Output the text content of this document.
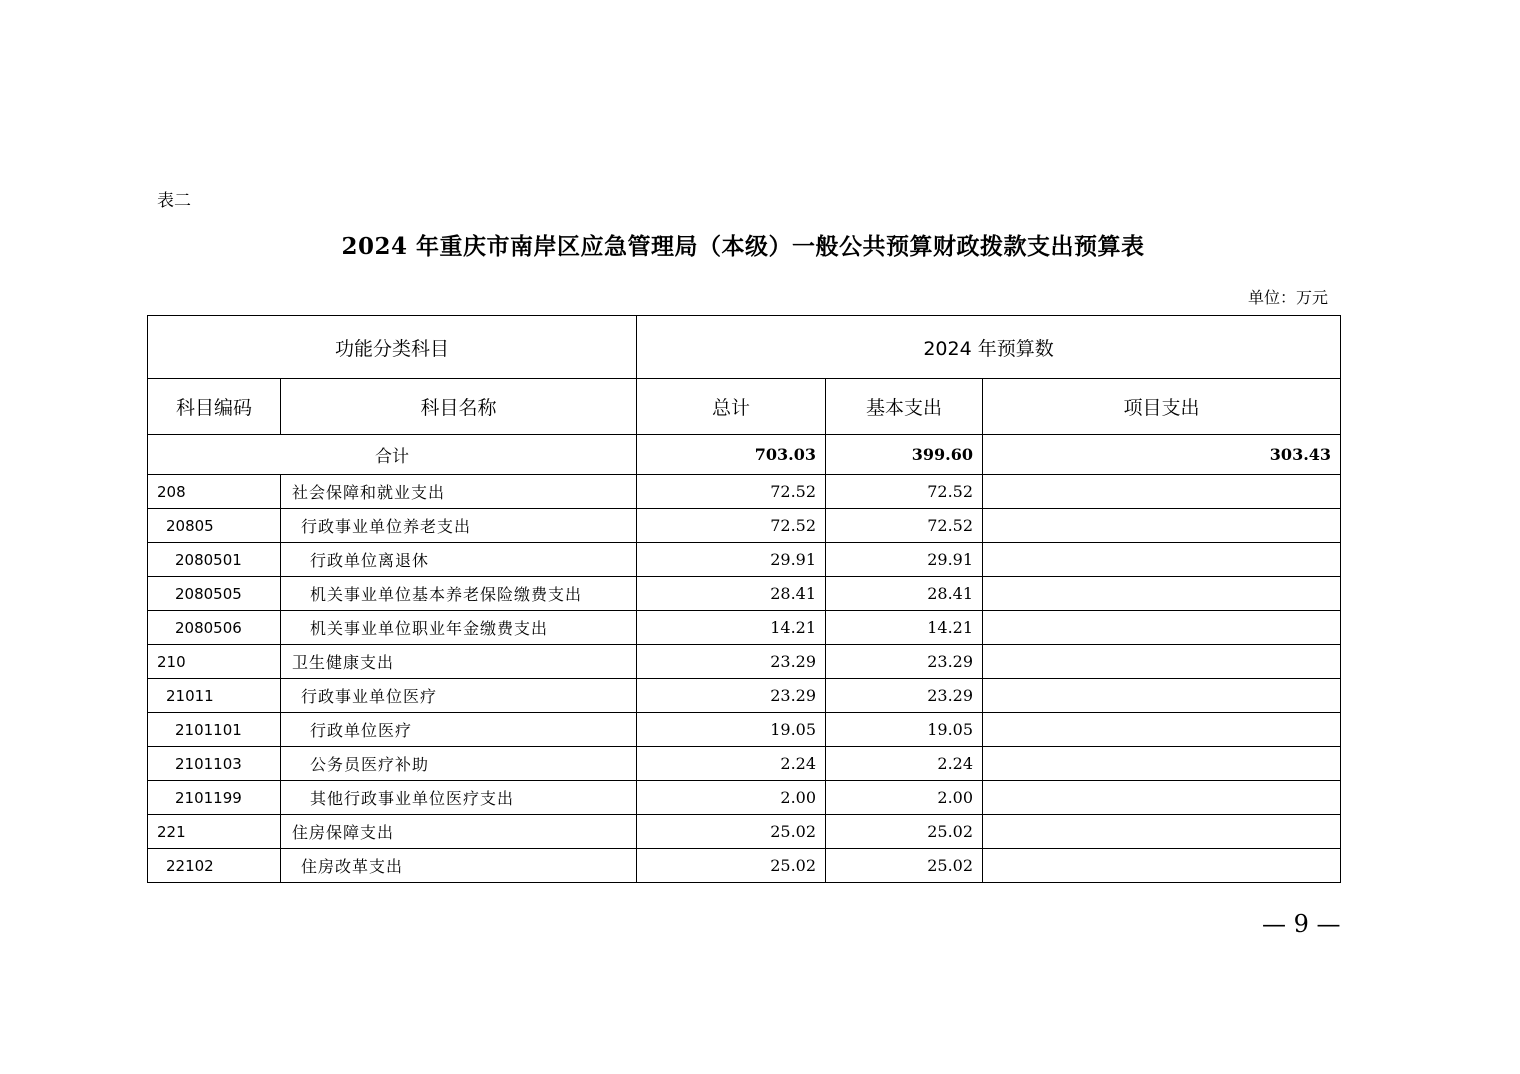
表二
2024 年重庆市南岸区应急管理局（本级）一般公共预算财政拨款支出预算表
单位：万元
功能分类科目		2024 年预算数		
科目编码	科目名称	总计	基本支出	项目支出
合计		703.03	399.60	303.43
208	社会保障和就业支出	72.52	72.52	
20805	行政事业单位养老支出	72.52	72.52	
2080501	行政单位离退休	29.91	29.91	
2080505	机关事业单位基本养老保险缴费支出	28.41	28.41	
2080506	机关事业单位职业年金缴费支出	14.21	14.21	
210	卫生健康支出	23.29	23.29	
21011	行政事业单位医疗	23.29	23.29	
2101101	行政单位医疗	19.05	19.05	
2101103	公务员医疗补助	2.24	2.24	
2101199	其他行政事业单位医疗支出	2.00	2.00	
221	住房保障支出	25.02	25.02	
22102	住房改革支出	25.02	25.02	
— 9 —
